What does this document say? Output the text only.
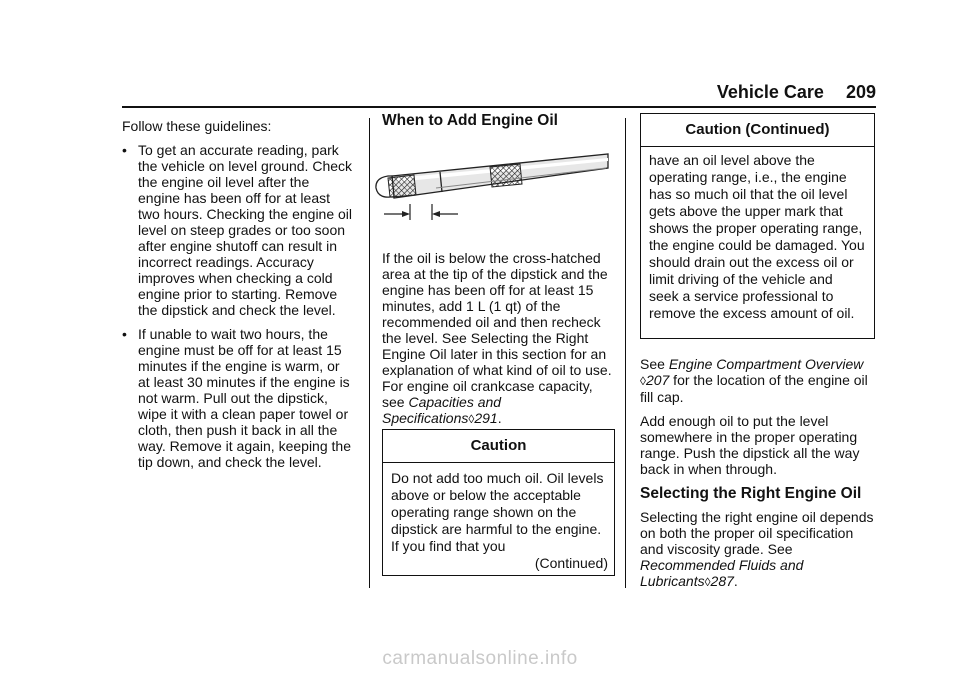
Vehicle Care 209

Follow these guidelines:

• To get an accurate reading, park the vehicle on level ground. Check the engine oil level after the engine has been off for at least two hours. Checking the engine oil level on steep grades or too soon after engine shutoff can result in incorrect readings. Accuracy improves when checking a cold engine prior to starting. Remove the dipstick and check the level.
• If unable to wait two hours, the engine must be off for at least 15 minutes if the engine is warm, or at least 30 minutes if the engine is not warm. Pull out the dipstick, wipe it with a clean paper towel or cloth, then push it back in all the way. Remove it again, keeping the tip down, and check the level.
When to Add Engine Oil

If the oil is below the cross-hatched area at the tip of the dipstick and the engine has been off for at least 15 minutes, add 1 L (1 qt) of the recommended oil and then recheck the level. See Selecting the Right Engine Oil later in this section for an explanation of what kind of oil to use. For engine oil crankcase capacity, see Capacities and Specifications◊291.

Caution
Do not add too much oil. Oil levels above or below the acceptable operating range shown on the dipstick are harmful to the engine. If you find that you
(Continued)
Caution (Continued)
have an oil level above the operating range, i.e., the engine has so much oil that the oil level gets above the upper mark that shows the proper operating range, the engine could be damaged. You should drain out the excess oil or limit driving of the vehicle and seek a service professional to remove the excess amount of oil.

See Engine Compartment Overview ◊207 for the location of the engine oil fill cap.

Add enough oil to put the level somewhere in the proper operating range. Push the dipstick all the way back in when through.

Selecting the Right Engine Oil

Selecting the right engine oil depends on both the proper oil specification and viscosity grade. See Recommended Fluids and Lubricants◊287.

carmanualsonline.info
